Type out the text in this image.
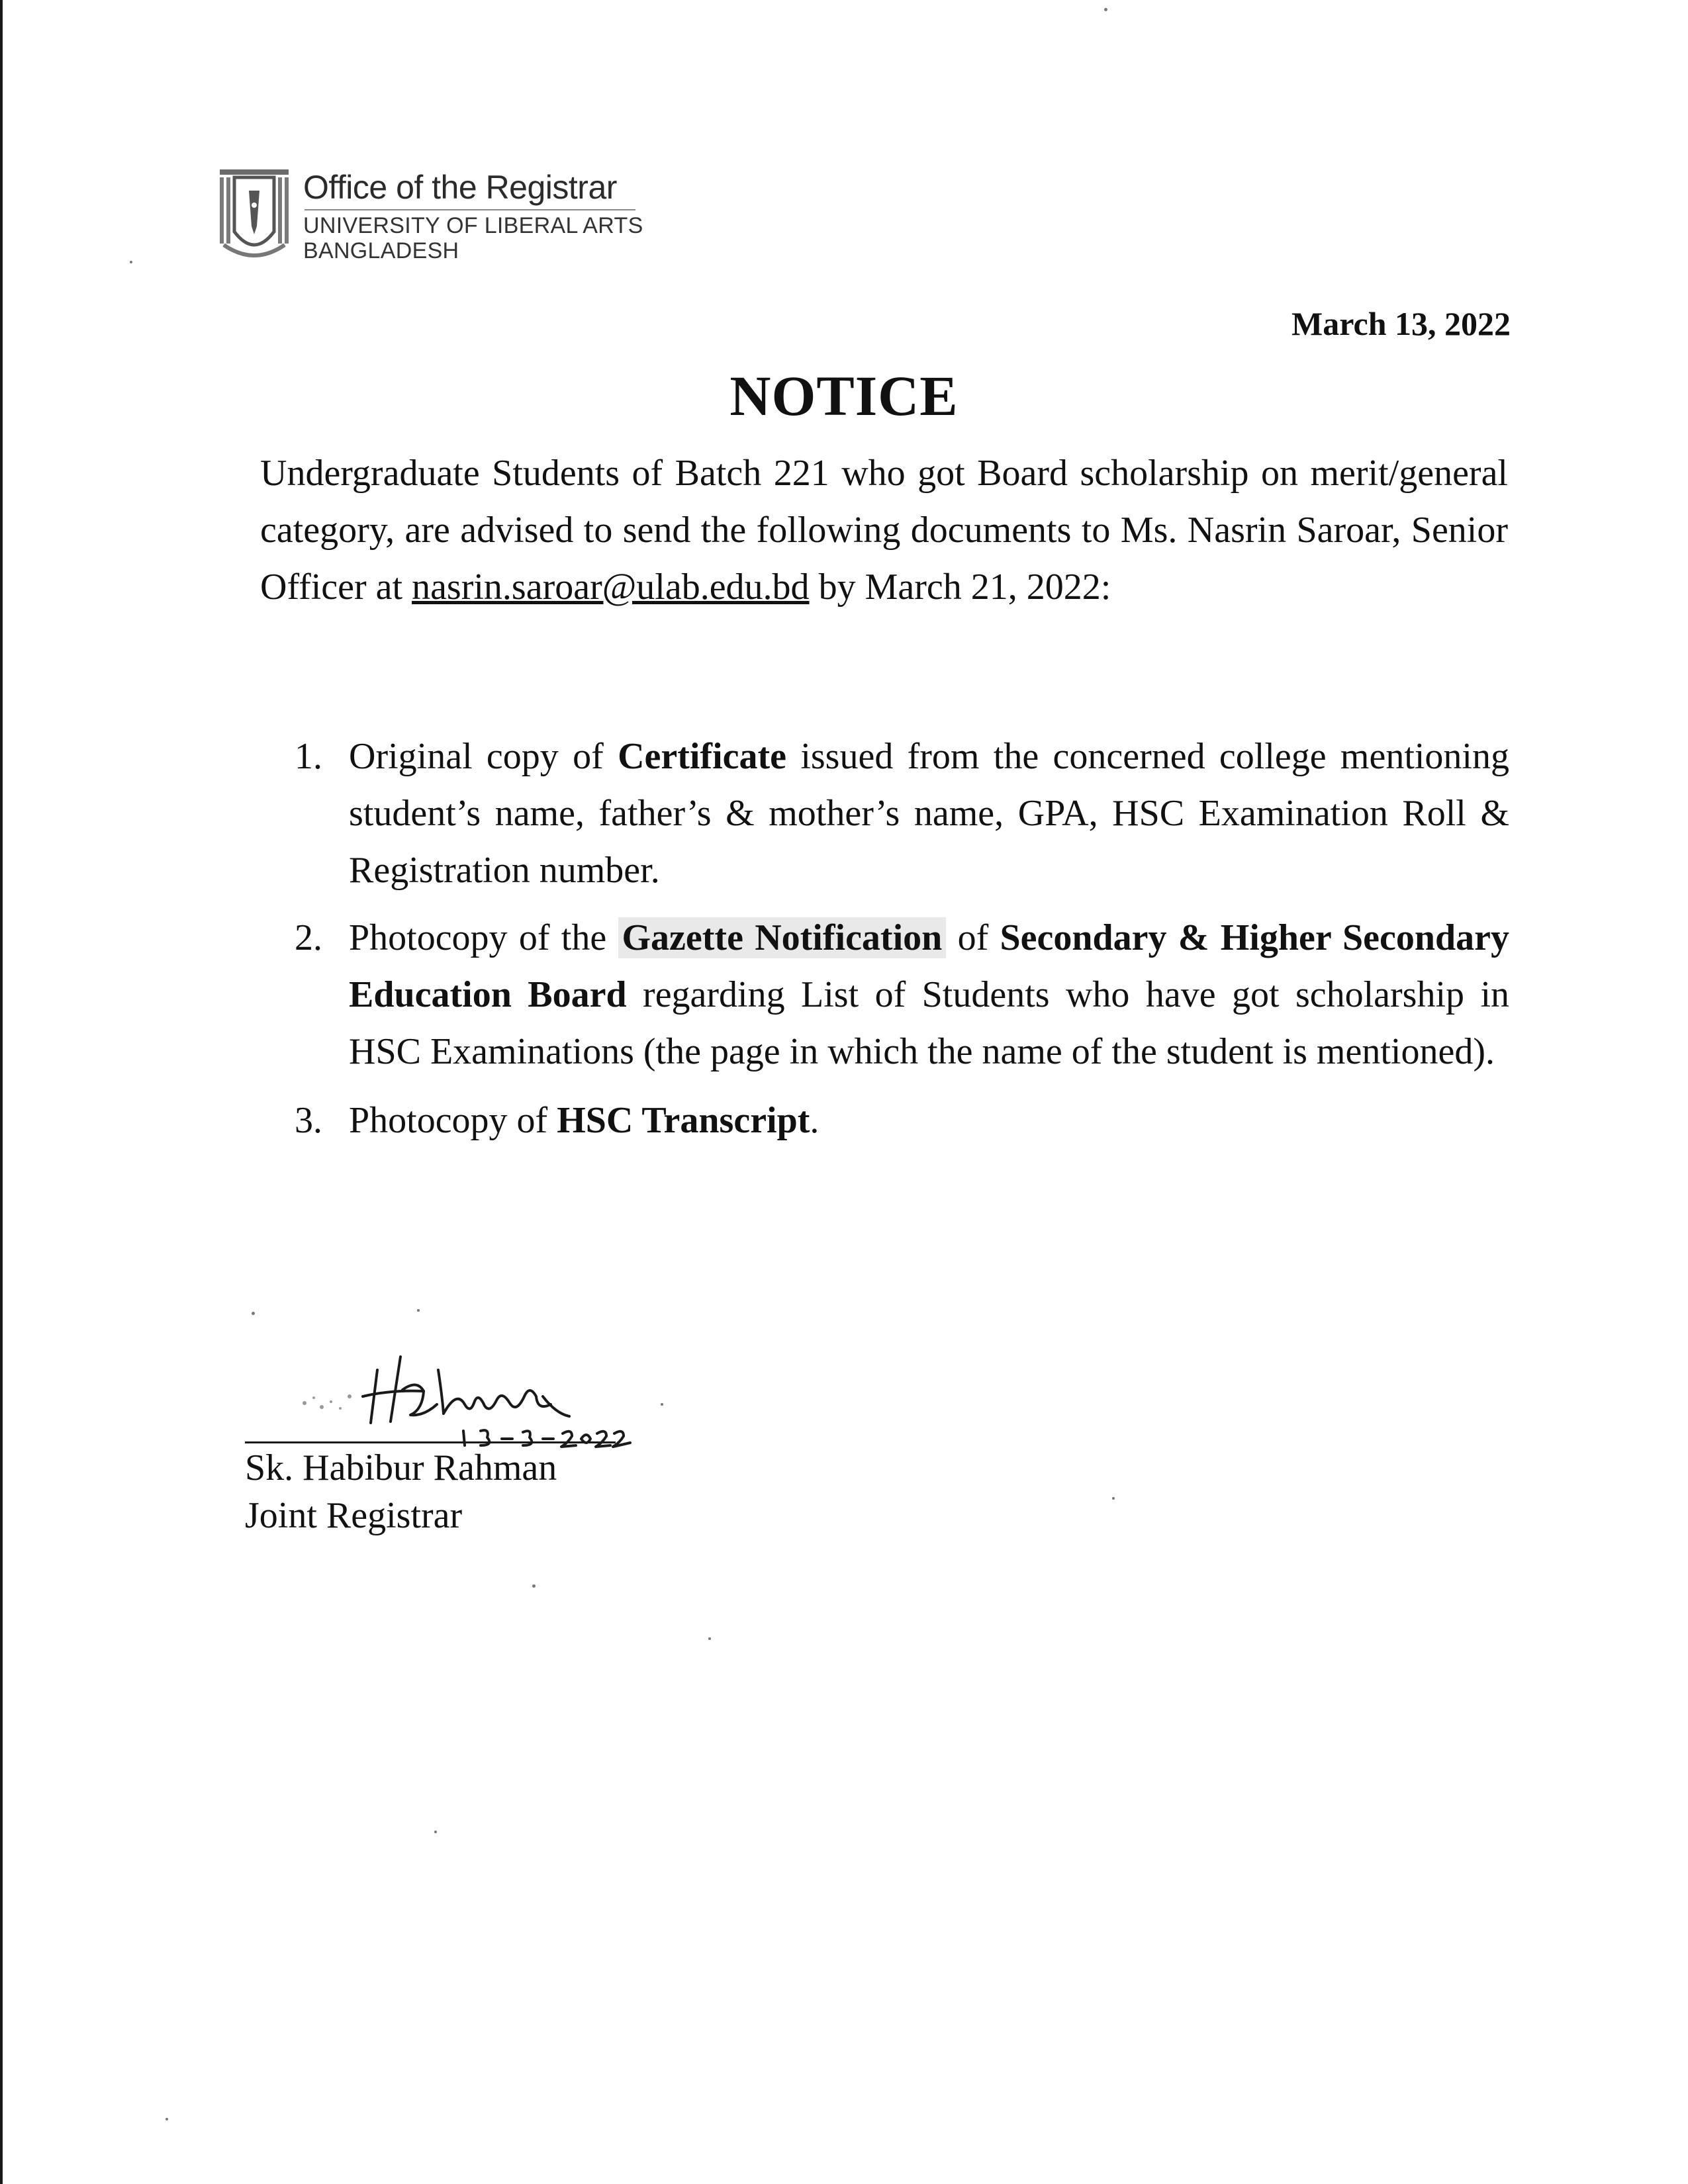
Office of the Registrar
UNIVERSITY OF LIBERAL ARTS
BANGLADESH
March 13, 2022
NOTICE

Undergraduate Students of Batch 221 who got Board scholarship on merit/general category, are advised to send the following documents to Ms. Nasrin Saroar, Senior Officer at nasrin.saroar@ulab.edu.bd by March 21, 2022:

1. Original copy of Certificate issued from the concerned college mentioning student’s name, father’s & mother’s name, GPA, HSC Examination Roll & Registration number.
2. Photocopy of the Gazette Notification of Secondary & Higher Secondary Education Board regarding List of Students who have got scholarship in HSC Examinations (the page in which the name of the student is mentioned).
3. Photocopy of HSC Transcript.
Sk. Habibur Rahman
Joint Registrar
